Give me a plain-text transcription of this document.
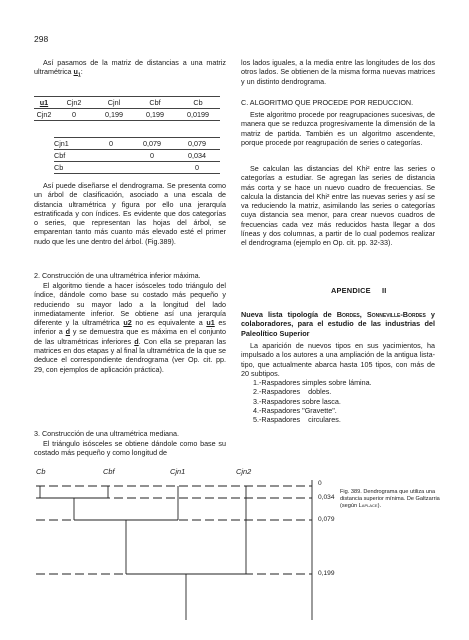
298

Así pasamos de la matriz de distancias a una matriz ultramétrica $u_1$:

u1	Cjn2	Cjnl	Cbf	Cb
Cjn2	0	0,199	0,199	0,0199
Cjn1	0	0,079	0,079
Cbf		0	0,034
Cb			0

Así puede diseñarse el dendrograma. Se presenta como un árbol de clasificación, asociado a una escala de distancia ultramétrica y figura por ello una jerarquía estratificada y con índices. Es evidente que dos categorías o series, que representan las hojas del árbol, se emparentan tanto más cuanto más elevado esté el primer nudo que les une dentro del árbol. (Fig.389).

2. Construcción de una ultramétrica inferior máxima.

El algoritmo tiende a hacer isósceles todo triángulo del índice, dándole como base su costado más pequeño y reduciendo su mayor lado a la longitud del lado inmediatamente inferior. Se obtiene así una jerarquía diferente y la ultramétrica u2 no es equivalente a u1 es inferior a d y se demuestra que es máxima en el conjunto de las ultramétricas inferiores d. Con ella se preparan las matrices en dos etapas y al final la ultramétrica de la que se deduce el correspondiente dendrograma (ver Op. cit. pp. 29, con ejemplos de aplicación práctica).

3. Construcción de una ultramétrica mediana.

El triángulo isósceles se obtiene dándole como base su costado más pequeño y como longitud de

los lados iguales, a la media entre las longitudes de los dos otros lados. Se obtienen de la misma forma nuevas matrices y un distinto dendrograma.

C. ALGORITMO QUE PROCEDE POR REDUCCION.

Este algoritmo procede por reagrupaciones sucesivas, de manera que se reduzca progresivamente la dimensión de la matriz de partida. También es un algoritmo ascendente, porque procede por reagrupación de series o categorías.

Se calculan las distancias del Khi² entre las series o categorías a estudiar. Se agregan las series de distancia más corta y se hace un nuevo cuadro de frecuencias. Se calcula la distancia del Khi² entre las nuevas series y así se va reduciendo la matriz, asimilando las series o categorías cuya distancia sea menor, para crear nuevos cuadros de frecuencias cada vez más reducidos hasta llegar a dos líneas y dos columnas, a partir de lo cual podemos realizar el dendrograma (ejemplo en Op. cit. pp. 32-33).

APENDICE     II
Nueva lista tipología de Bordes, Sonneville-Bordes y colaboradores, para el estudio de las industrias del Paleolítico Superior

La aparición de nuevos tipos en sus yacimientos, ha impulsado a los autores a una ampliación de la antigua lista-tipo, que actualmente abarca hasta 105 tipos, con más de 20 subtipos.

1.-Raspadores simples sobre lámina.
2.-Raspadores    dobles.
3.-Raspadores sobre lasca.
4.-Raspadores "Gravette".
5.-Raspadores    circulares.
Cb	Cbf	Cjn1	Cjn2
0
0,034
0,079
0,199
Fig. 389. Dendrograma que utiliza una distancia superior mínima. De Galtzarria (según Laplace).
